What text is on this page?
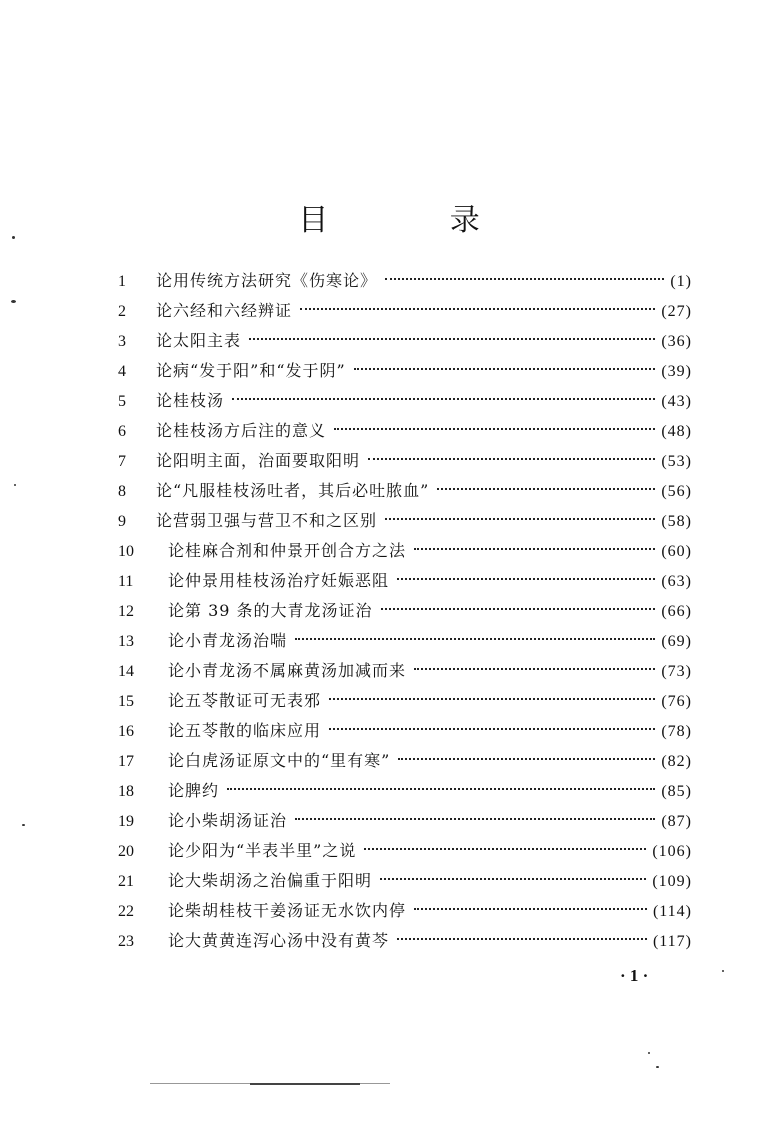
目 录
1	论用传统方法研究《伤寒论》	(1)
2	论六经和六经辨证	(27)
3	论太阳主表	(36)
4	论病“发于阳”和“发于阴”	(39)
5	论桂枝汤	(43)
6	论桂枝汤方后注的意义	(48)
7	论阳明主面，治面要取阳明	(53)
8	论“凡服桂枝汤吐者，其后必吐脓血”	(56)
9	论营弱卫强与营卫不和之区别	(58)
10	论桂麻合剂和仲景开创合方之法	(60)
11	论仲景用桂枝汤治疗妊娠恶阻	(63)
12	论第 39 条的大青龙汤证治	(66)
13	论小青龙汤治喘	(69)
14	论小青龙汤不属麻黄汤加减而来	(73)
15	论五苓散证可无表邪	(76)
16	论五苓散的临床应用	(78)
17	论白虎汤证原文中的“里有寒”	(82)
18	论脾约	(85)
19	论小柴胡汤证治	(87)
20	论少阳为“半表半里”之说	(106)
21	论大柴胡汤之治偏重于阳明	(109)
22	论柴胡桂枝干姜汤证无水饮内停	(114)
23	论大黄黄连泻心汤中没有黄芩	(117)
· 1 ·
